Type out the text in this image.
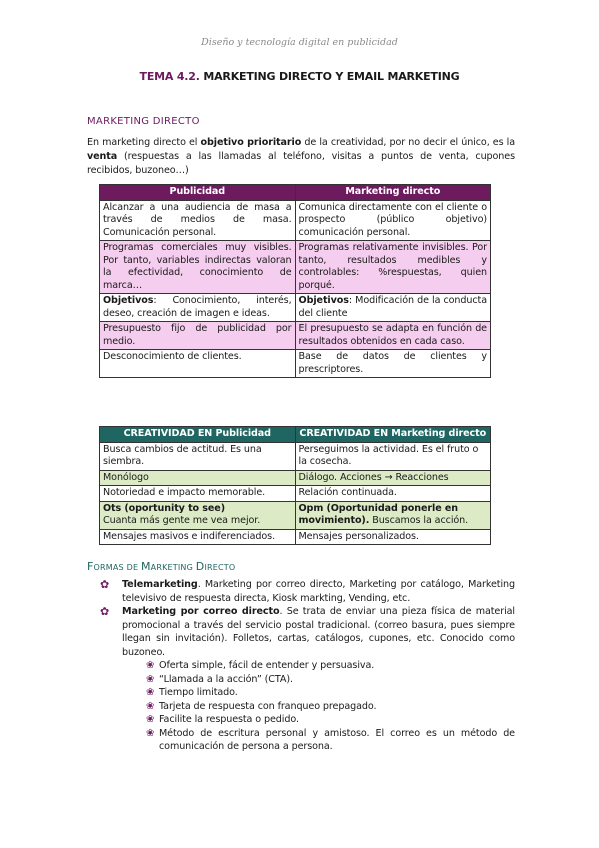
Diseño y tecnología digital en publicidad
TEMA 4.2. MARKETING DIRECTO Y EMAIL MARKETING
MARKETING DIRECTO
En marketing directo el objetivo prioritario de la creatividad, por no decir el único, es la venta (respuestas a las llamadas al teléfono, visitas a puntos de venta, cupones recibidos, buzoneo…)
Publicidad	Marketing directo
Alcanzar a una audiencia de masa a través de medios de masa. Comunicación personal.	Comunica directamente con el cliente o prospecto (público objetivo) comunicación personal.
Programas comerciales muy visibles. Por tanto, variables indirectas valoran la efectividad, conocimiento de marca…	Programas relativamente invisibles. Por tanto, resultados medibles y controlables: %respuestas, quien porqué.
Objetivos: Conocimiento, interés, deseo, creación de imagen e ideas.	Objetivos: Modificación de la conducta del cliente
Presupuesto fijo de publicidad por medio.	El presupuesto se adapta en función de resultados obtenidos en cada caso.
Desconocimiento de clientes.	Base de datos de clientes y prescriptores.
CREATIVIDAD EN Publicidad	CREATIVIDAD EN Marketing directo
Busca cambios de actitud. Es una siembra.	Perseguimos la actividad. Es el fruto o la cosecha.
Monólogo	Diálogo. Acciones → Reacciones
Notoriedad e impacto memorable.	Relación continuada.
Ots (oportunity to see)
Cuanta más gente me vea mejor.	Opm (Oportunidad ponerle en movimiento). Buscamos la acción.
Mensajes masivos e indiferenciados.	Mensajes personalizados.
FORMAS DE MARKETING DIRECTO
✿ Telemarketing. Marketing por correo directo, Marketing por catálogo, Marketing televisivo de respuesta directa, Kiosk markting, Vending, etc.
✿ Marketing por correo directo. Se trata de enviar una pieza física de material promocional a través del servicio postal tradicional. (correo basura, pues siempre llegan sin invitación). Folletos, cartas, catálogos, cupones, etc. Conocido como buzoneo.
❀ Oferta simple, fácil de entender y persuasiva.
❀ “Llamada a la acción” (CTA).
❀ Tiempo limitado.
❀ Tarjeta de respuesta con franqueo prepagado.
❀ Facilite la respuesta o pedido.
❀ Método de escritura personal y amistoso. El correo es un método de comunicación de persona a persona.
